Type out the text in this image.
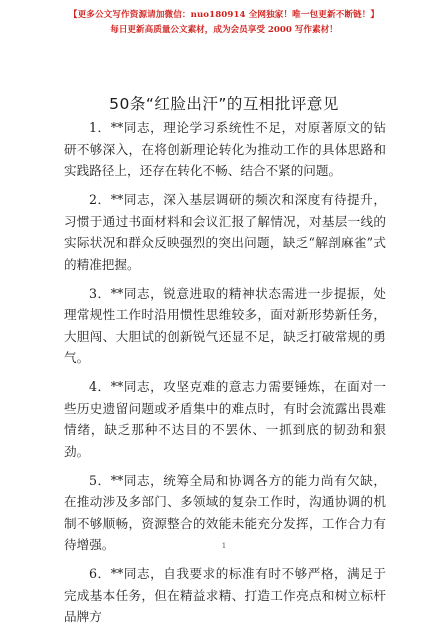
【更多公文写作资源请加微信：nuo180914 全网独家！唯一包更新不断链！】
每日更新高质量公文素材，成为会员享受 2000 写作素材！
50条“红脸出汗”的互相批评意见

1．**同志，理论学习系统性不足，对原著原文的钻研不够深入，在将创新理论转化为推动工作的具体思路和实践路径上，还存在转化不畅、结合不紧的问题。

2．**同志，深入基层调研的频次和深度有待提升，习惯于通过书面材料和会议汇报了解情况，对基层一线的实际状况和群众反映强烈的突出问题，缺乏“解剖麻雀”式的精准把握。

3．**同志，锐意进取的精神状态需进一步提振，处理常规性工作时沿用惯性思维较多，面对新形势新任务，大胆闯、大胆试的创新锐气还显不足，缺乏打破常规的勇气。

4．**同志，攻坚克难的意志力需要锤炼，在面对一些历史遗留问题或矛盾集中的难点时，有时会流露出畏难情绪，缺乏那种不达目的不罢休、一抓到底的韧劲和狠劲。

5．**同志，统筹全局和协调各方的能力尚有欠缺，在推动涉及多部门、多领域的复杂工作时，沟通协调的机制不够顺畅，资源整合的效能未能充分发挥，工作合力有待增强。

6．**同志，自我要求的标准有时不够严格，满足于完成基本任务，但在精益求精、打造工作亮点和树立标杆品牌方

1
